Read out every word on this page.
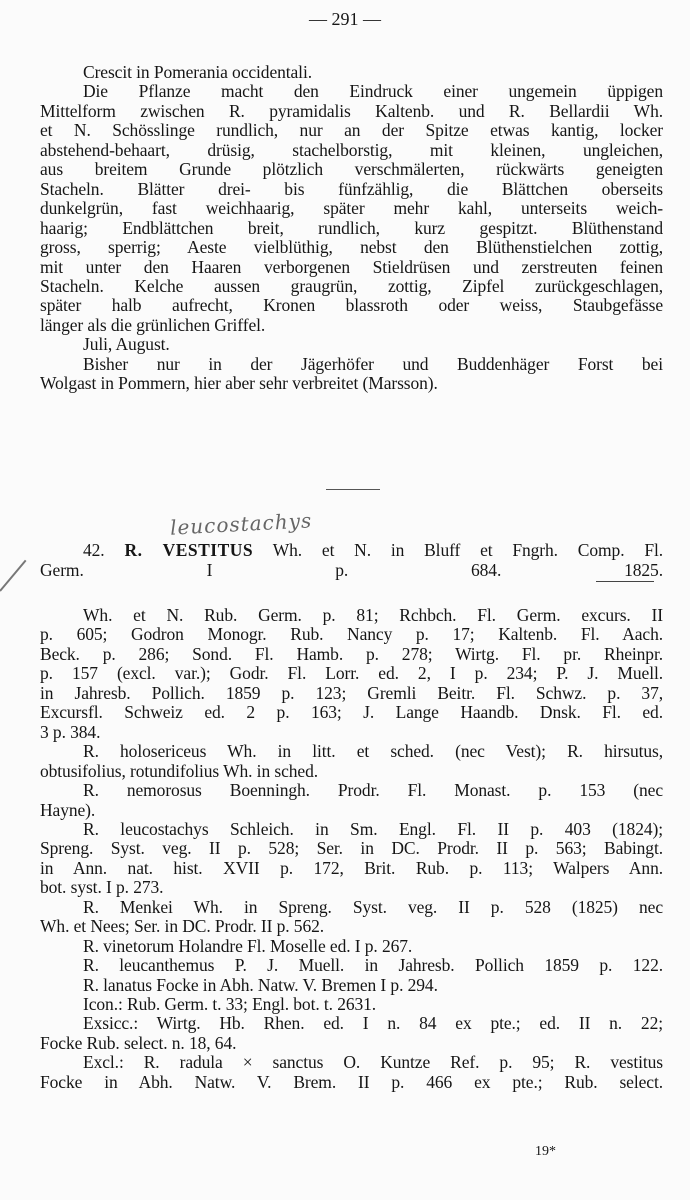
— 291 —
Crescit in Pomerania occidentali.
Die Pflanze macht den Eindruck einer ungemein üppigen
Mittelform zwischen R. pyramidalis Kaltenb. und R. Bellardii Wh.
et N. Schösslinge rundlich, nur an der Spitze etwas kantig, locker
abstehend-behaart, drüsig, stachelborstig, mit kleinen, ungleichen,
aus breitem Grunde plötzlich verschmälerten, rückwärts geneigten
Stacheln. Blätter drei- bis fünfzählig, die Blättchen oberseits
dunkelgrün, fast weichhaarig, später mehr kahl, unterseits weich-
haarig; Endblättchen breit, rundlich, kurz gespitzt. Blüthenstand
gross, sperrig; Aeste vielblüthig, nebst den Blüthenstielchen zottig,
mit unter den Haaren verborgenen Stieldrüsen und zerstreuten feinen
Stacheln. Kelche aussen graugrün, zottig, Zipfel zurückgeschlagen,
später halb aufrecht, Kronen blassroth oder weiss, Staubgefässe
länger als die grünlichen Griffel.
Juli, August.
Bisher nur in der Jägerhöfer und Buddenhäger Forst bei
Wolgast in Pommern, hier aber sehr verbreitet (Marsson).
leucostachys
42. R. VESTITUS Wh. et N. in Bluff et Fngrh. Comp. Fl.
Germ. I p. 684.	1825.
Wh. et N. Rub. Germ. p. 81; Rchbch. Fl. Germ. excurs. II
p. 605; Godron Monogr. Rub. Nancy p. 17; Kaltenb. Fl. Aach.
Beck. p. 286; Sond. Fl. Hamb. p. 278; Wirtg. Fl. pr. Rheinpr.
p. 157 (excl. var.); Godr. Fl. Lorr. ed. 2, I p. 234; P. J. Muell.
in Jahresb. Pollich. 1859 p. 123; Gremli Beitr. Fl. Schwz. p. 37,
Excursfl. Schweiz ed. 2 p. 163; J. Lange Haandb. Dnsk. Fl. ed.
3 p. 384.
R. holosericeus Wh. in litt. et sched. (nec Vest); R. hirsutus,
obtusifolius, rotundifolius Wh. in sched.
R. nemorosus Boenningh. Prodr. Fl. Monast. p. 153 (nec
Hayne).
R. leucostachys Schleich. in Sm. Engl. Fl. II p. 403 (1824);
Spreng. Syst. veg. II p. 528; Ser. in DC. Prodr. II p. 563; Babingt.
in Ann. nat. hist. XVII p. 172, Brit. Rub. p. 113; Walpers Ann.
bot. syst. I p. 273.
R. Menkei Wh. in Spreng. Syst. veg. II p. 528 (1825) nec
Wh. et Nees; Ser. in DC. Prodr. II p. 562.
R. vinetorum Holandre Fl. Moselle ed. I p. 267.
R. leucanthemus P. J. Muell. in Jahresb. Pollich 1859 p. 122.
R. lanatus Focke in Abh. Natw. V. Bremen I p. 294.
Icon.: Rub. Germ. t. 33; Engl. bot. t. 2631.
Exsicc.: Wirtg. Hb. Rhen. ed. I n. 84 ex pte.; ed. II n. 22;
Focke Rub. select. n. 18, 64.
Excl.: R. radula × sanctus O. Kuntze Ref. p. 95; R. vestitus
Focke in Abh. Natw. V. Brem. II p. 466 ex pte.; Rub. select.
19*
